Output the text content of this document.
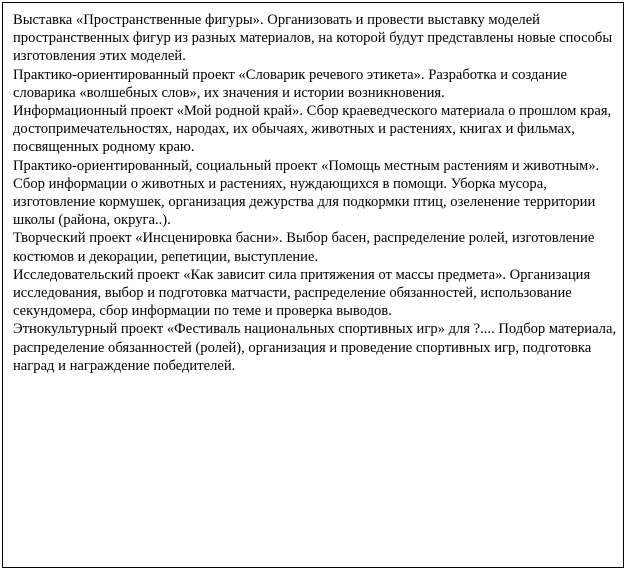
Выставка «Пространственные фигуры». Организовать и провести выставку моделей пространственных фигур из разных материалов, на которой будут представлены новые способы изготовления этих моделей.

Практико-ориентированный проект «Словарик речевого этикета». Разработка и создание словарика «волшебных слов», их значения и истории возникновения.

Информационный проект «Мой родной край». Сбор краеведческого материала о прошлом края, достопримечательностях, народах, их обычаях, животных и растениях, книгах и фильмах, посвященных родному краю.

Практико-ориентированный, социальный проект «Помощь местным растениям и животным». Сбор информации о животных и растениях, нуждающихся в помощи. Уборка мусора, изготовление кормушек, организация дежурства для подкормки птиц, озеленение территории школы (района, округа..).

Творческий проект «Инсценировка басни». Выбор басен, распределение ролей, изготовление костюмов и декорации, репетиции, выступление.

Исследовательский проект «Как зависит сила притяжения от массы предмета». Организация исследования, выбор и подготовка матчасти, распределение обязанностей, использование секундомера, сбор информации по теме и проверка выводов.

Этнокультурный проект «Фестиваль национальных спортивных игр» для ?.... Подбор материала, распределение обязанностей (ролей), организация и проведение спортивных игр, подготовка наград и награждение победителей.
